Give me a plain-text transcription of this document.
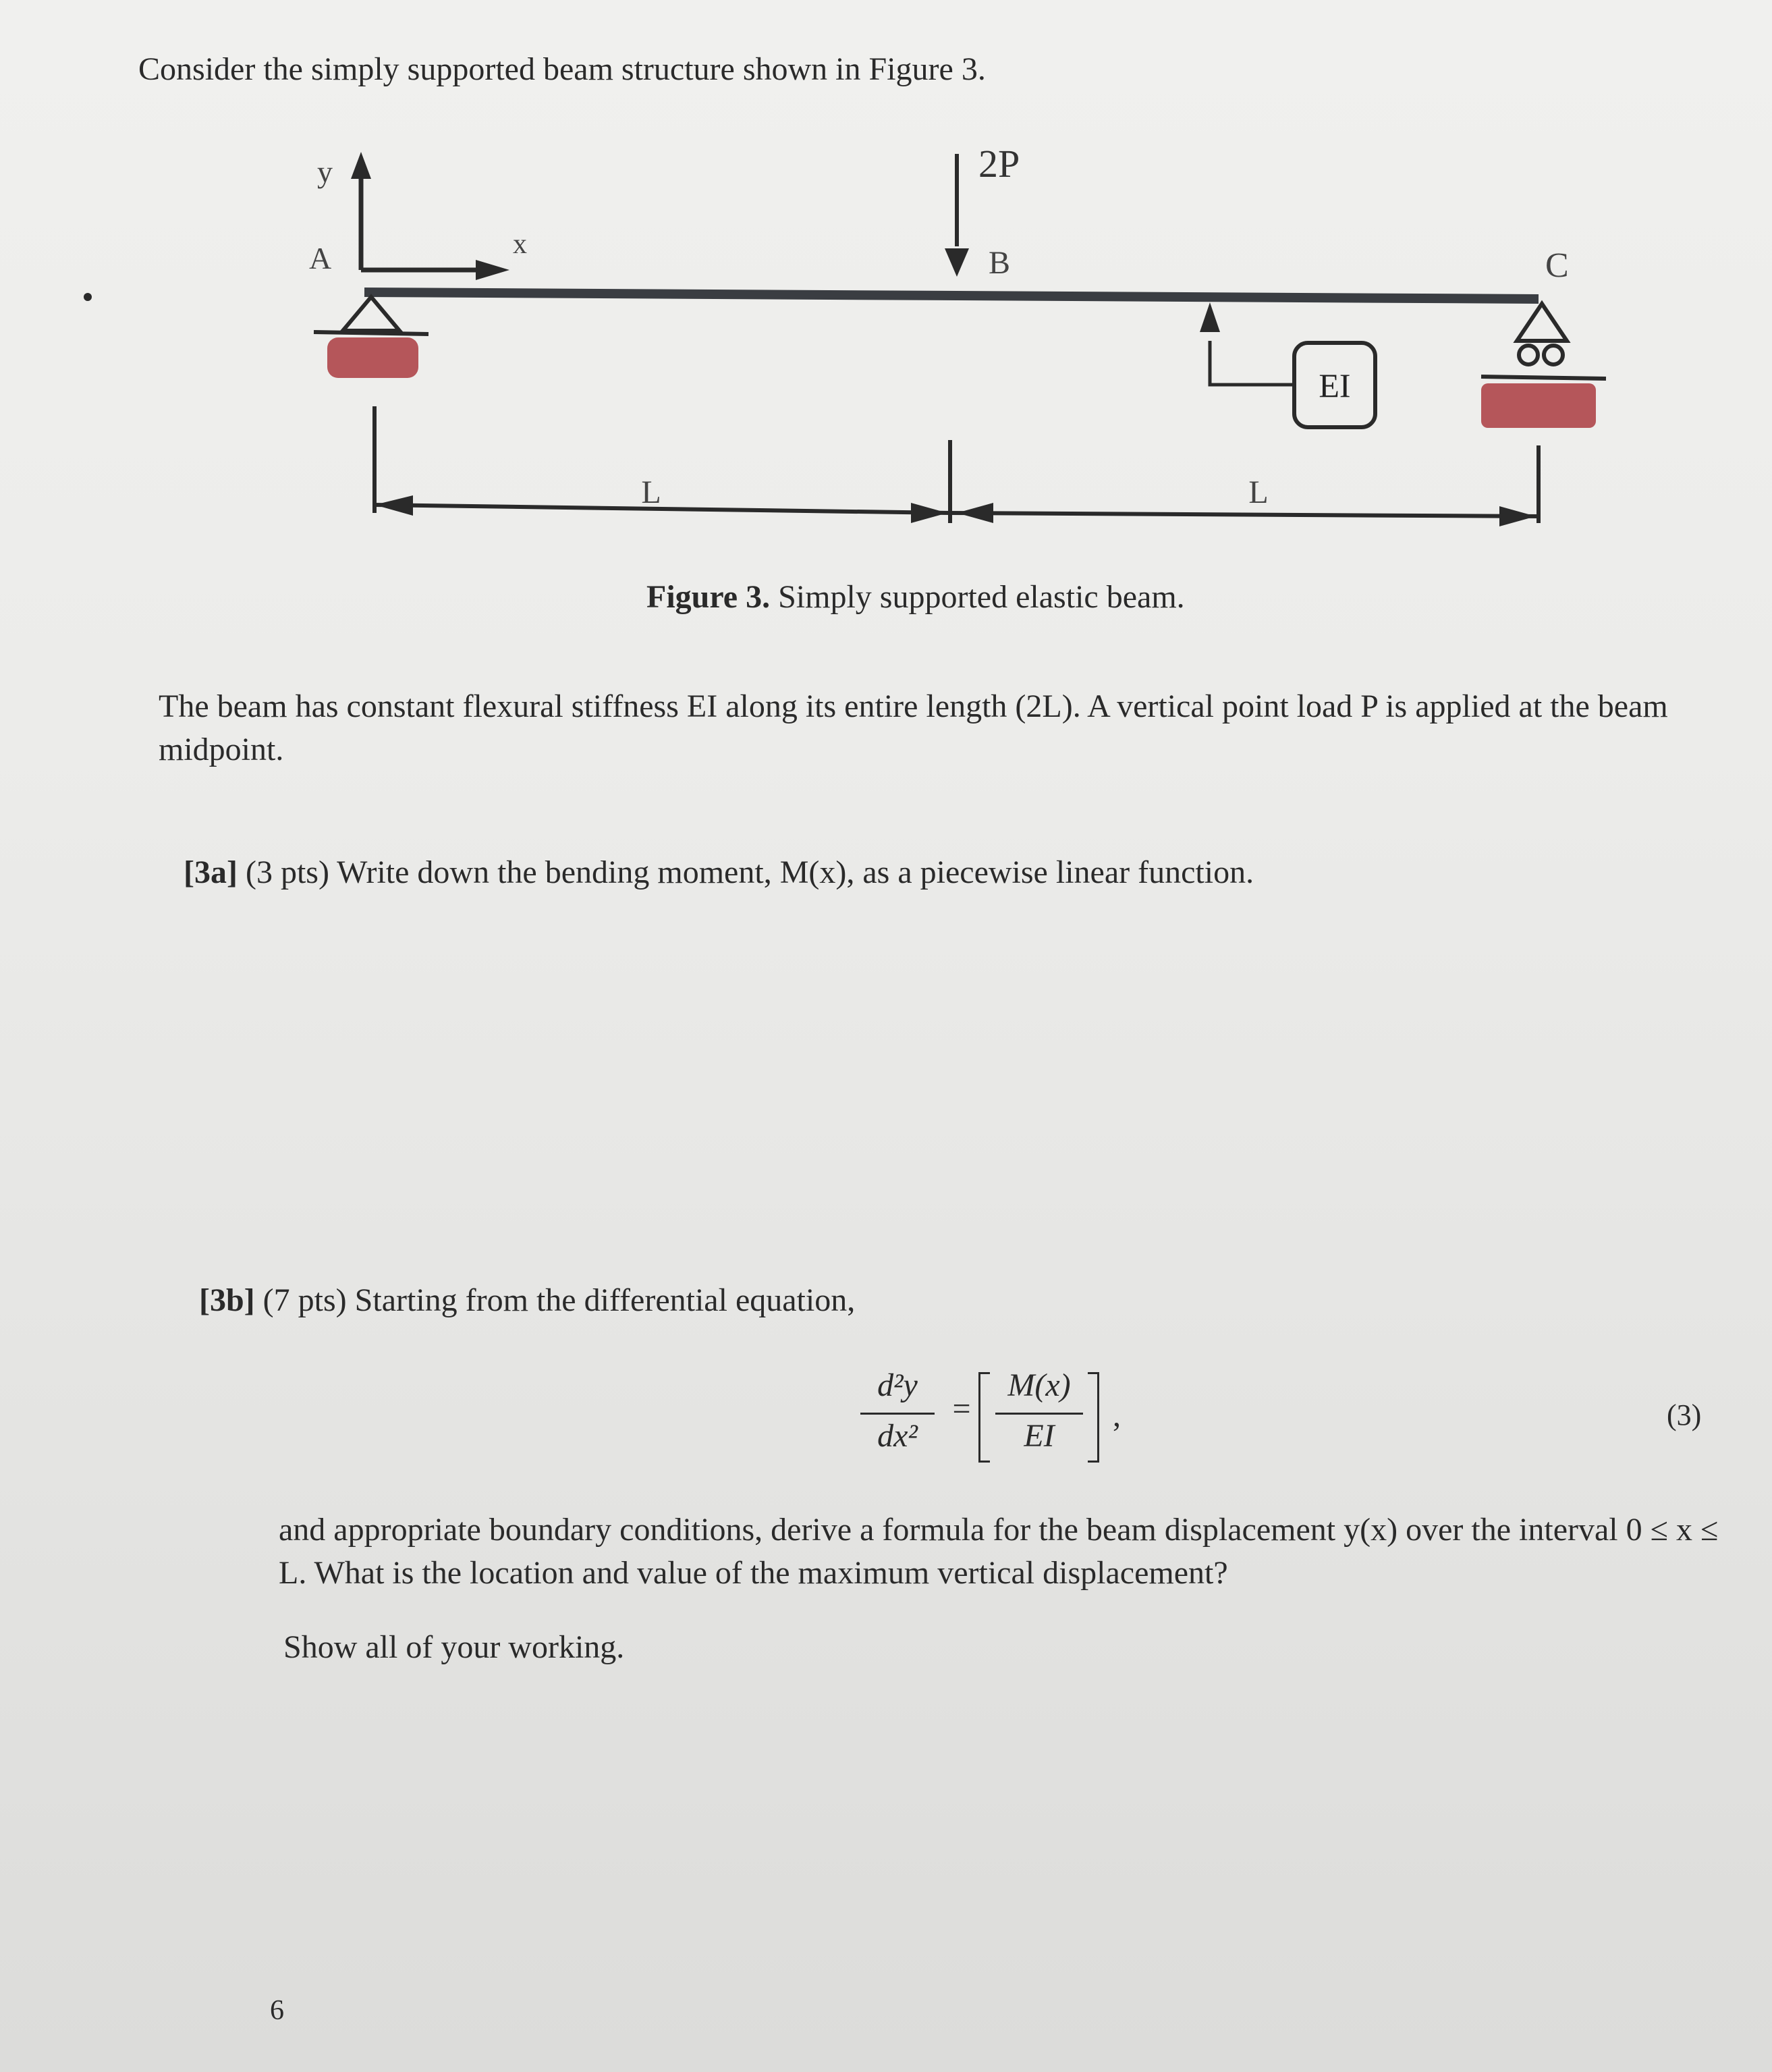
Consider the simply supported beam structure shown in Figure 3.
y
x
A	C
2P
B
EI
L	L
Figure 3. Simply supported elastic beam.
The beam has constant flexural stiffness EI along its entire length (2L). A vertical point load P is applied at the beam midpoint.
[3a] (3 pts) Write down the bending moment, M(x), as a piecewise linear function.
[3b] (7 pts) Starting from the differential equation,
d²y
dx²
=
M(x)
EI
,	(3)
and appropriate boundary conditions, derive a formula for the beam displacement y(x) over the interval 0 ≤ x ≤ L. What is the location and value of the maximum vertical displacement?
Show all of your working.
6
